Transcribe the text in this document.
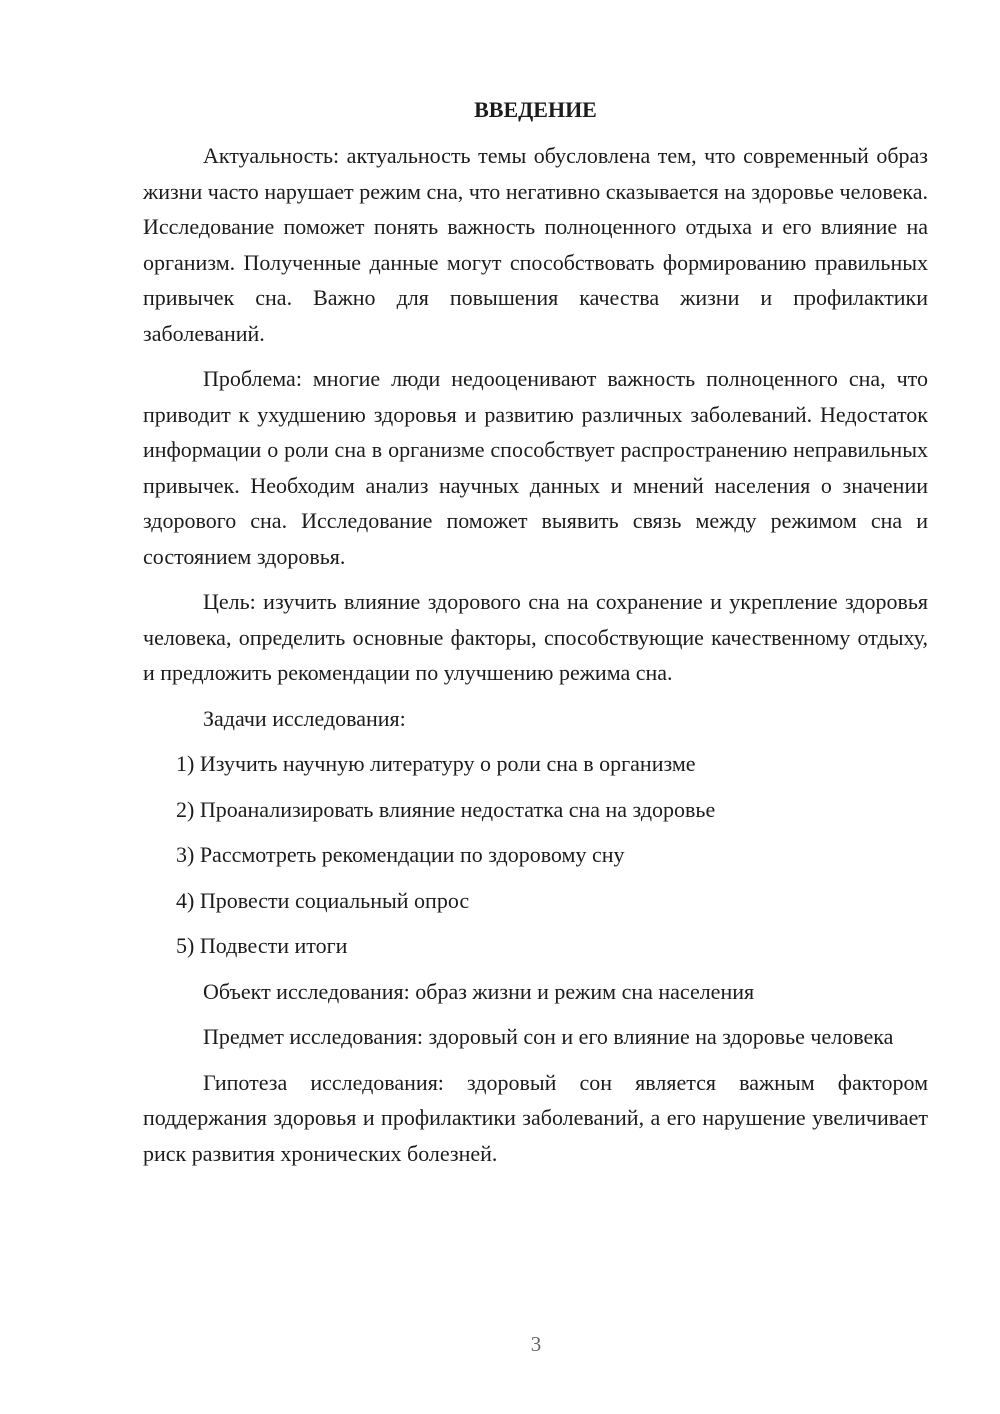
ВВЕДЕНИЕ

Актуальность: актуальность темы обусловлена тем, что современный образ жизни часто нарушает режим сна, что негативно сказывается на здоровье человека. Исследование поможет понять важность полноценного отдыха и его влияние на организм. Полученные данные могут способствовать формированию правильных привычек сна. Важно для повышения качества жизни и профилактики заболеваний.

Проблема: многие люди недооценивают важность полноценного сна, что приводит к ухудшению здоровья и развитию различных заболеваний. Недостаток информации о роли сна в организме способствует распространению неправильных привычек. Необходим анализ научных данных и мнений населения о значении здорового сна. Исследование поможет выявить связь между режимом сна и состоянием здоровья.

Цель: изучить влияние здорового сна на сохранение и укрепление здоровья человека, определить основные факторы, способствующие качественному отдыху, и предложить рекомендации по улучшению режима сна.

Задачи исследования:
1) Изучить научную литературу о роли сна в организме
2) Проанализировать влияние недостатка сна на здоровье
3) Рассмотреть рекомендации по здоровому сну
4) Провести социальный опрос
5) Подвести итоги
Объект исследования: образ жизни и режим сна населения

Предмет исследования: здоровый сон и его влияние на здоровье человека

Гипотеза исследования: здоровый сон является важным фактором поддержания здоровья и профилактики заболеваний, а его нарушение увеличивает риск развития хронических болезней.

3
